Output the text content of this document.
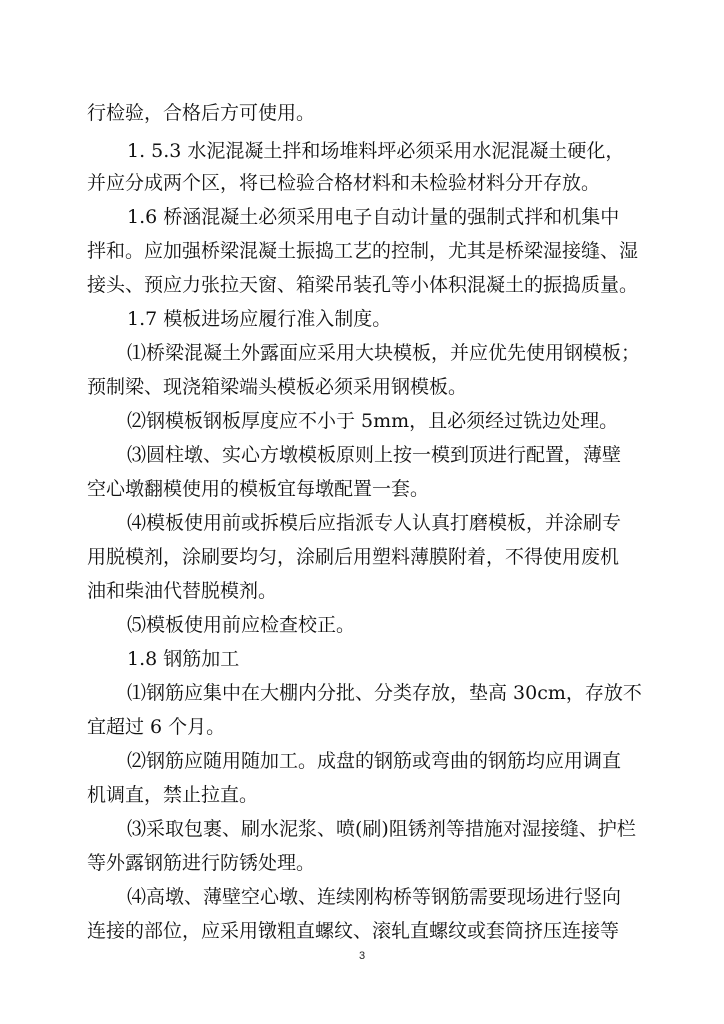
行检验，合格后方可使用。
1. 5.3 水泥混凝土拌和场堆料坪必须采用水泥混凝土硬化，
并应分成两个区，将已检验合格材料和未检验材料分开存放。
1.6 桥涵混凝土必须采用电子自动计量的强制式拌和机集中
拌和。应加强桥梁混凝土振捣工艺的控制，尤其是桥梁湿接缝、湿
接头、预应力张拉天窗、箱梁吊装孔等小体积混凝土的振捣质量。
1.7 模板进场应履行准入制度。
⑴桥梁混凝土外露面应采用大块模板，并应优先使用钢模板；
预制梁、现浇箱梁端头模板必须采用钢模板。
⑵钢模板钢板厚度应不小于 5mm，且必须经过铣边处理。
⑶圆柱墩、实心方墩模板原则上按一模到顶进行配置，薄壁
空心墩翻模使用的模板宜每墩配置一套。
⑷模板使用前或拆模后应指派专人认真打磨模板，并涂刷专
用脱模剂，涂刷要均匀，涂刷后用塑料薄膜附着，不得使用废机
油和柴油代替脱模剂。
⑸模板使用前应检查校正。
1.8 钢筋加工
⑴钢筋应集中在大棚内分批、分类存放，垫高 30cm，存放不
宜超过 6 个月。
⑵钢筋应随用随加工。成盘的钢筋或弯曲的钢筋均应用调直
机调直，禁止拉直。
⑶采取包裹、刷水泥浆、喷(刷)阻锈剂等措施对湿接缝、护栏
等外露钢筋进行防锈处理。
⑷高墩、薄壁空心墩、连续刚构桥等钢筋需要现场进行竖向
连接的部位，应采用镦粗直螺纹、滚轧直螺纹或套筒挤压连接等
3
